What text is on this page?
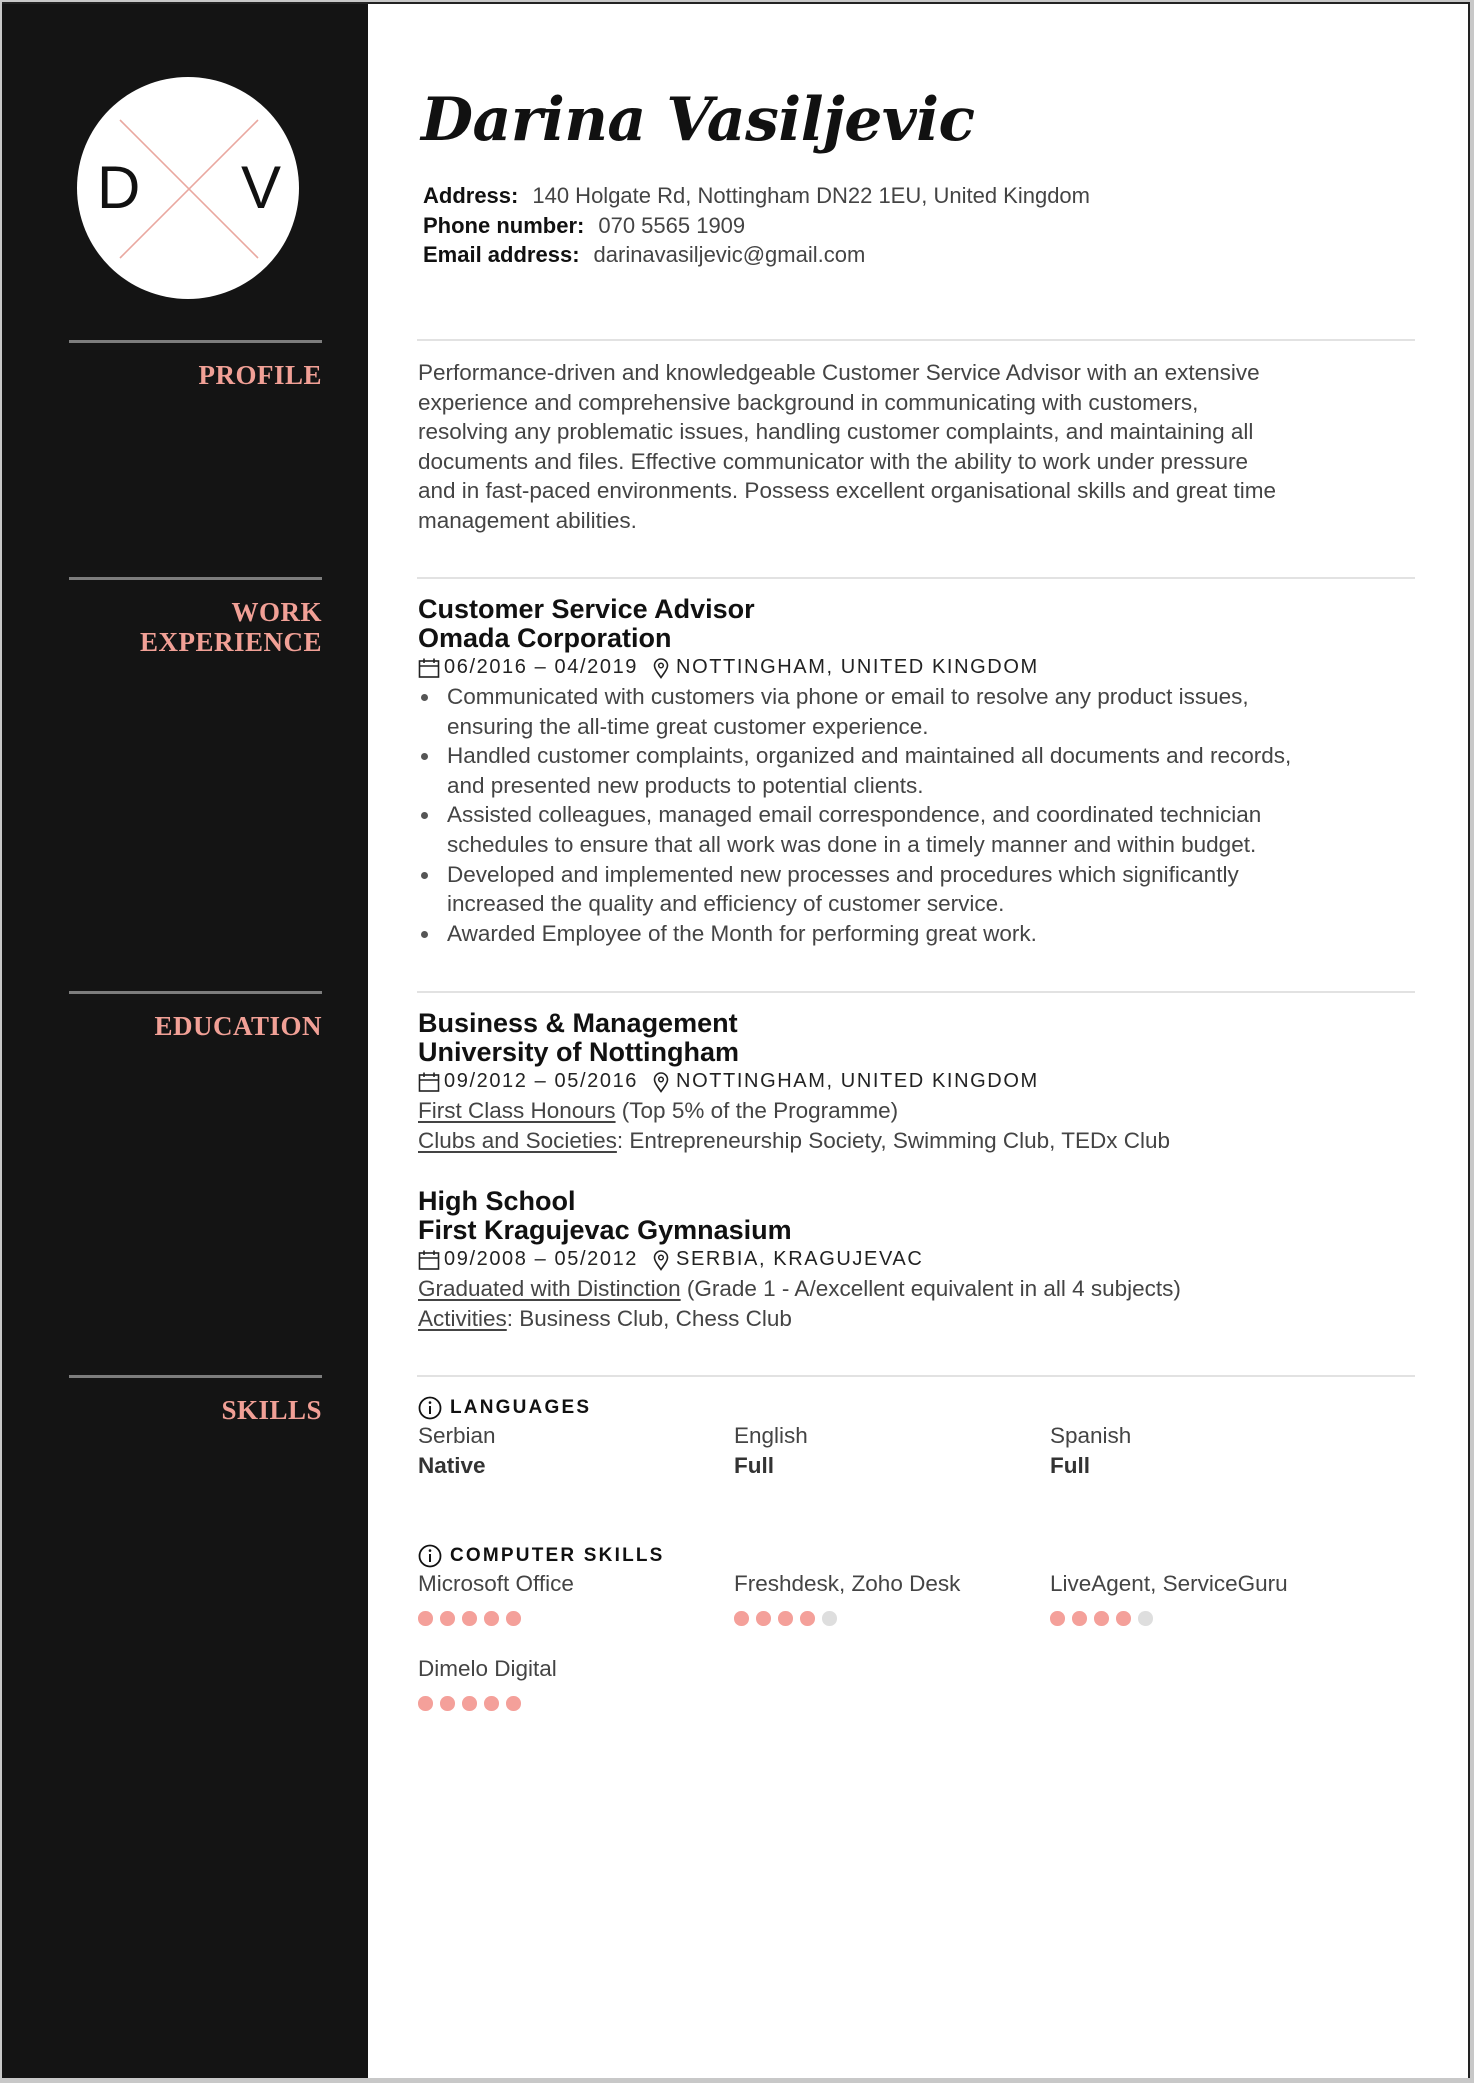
D V
PROFILE
WORK
EXPERIENCE
EDUCATION
SKILLS
Darina Vasiljevic
Address: 140 Holgate Rd, Nottingham DN22 1EU, United Kingdom
Phone number: 070 5565 1909
Email address: darinavasiljevic@gmail.com
Performance-driven and knowledgeable Customer Service Advisor with an extensive
experience and comprehensive background in communicating with customers,
resolving any problematic issues, handling customer complaints, and maintaining all
documents and files. Effective communicator with the ability to work under pressure
and in fast-paced environments. Possess excellent organisational skills and great time
management abilities.
Customer Service Advisor
Omada Corporation
06/2016 – 04/2019 NOTTINGHAM, UNITED KINGDOM
Communicated with customers via phone or email to resolve any product issues,
ensuring the all-time great customer experience.
Handled customer complaints, organized and maintained all documents and records,
and presented new products to potential clients.
Assisted colleagues, managed email correspondence, and coordinated technician
schedules to ensure that all work was done in a timely manner and within budget.
Developed and implemented new processes and procedures which significantly
increased the quality and efficiency of customer service.
Awarded Employee of the Month for performing great work.
Business & Management
University of Nottingham
09/2012 – 05/2016 NOTTINGHAM, UNITED KINGDOM
First Class Honours (Top 5% of the Programme)
Clubs and Societies: Entrepreneurship Society, Swimming Club, TEDx Club
High School
First Kragujevac Gymnasium
09/2008 – 05/2012 SERBIA, KRAGUJEVAC
Graduated with Distinction (Grade 1 - A/excellent equivalent in all 4 subjects)
Activities: Business Club, Chess Club
LANGUAGES
Serbian
Native
English
Full
Spanish
Full
COMPUTER SKILLS
Microsoft Office	Freshdesk, Zoho Desk	LiveAgent, ServiceGuru
Dimelo Digital
